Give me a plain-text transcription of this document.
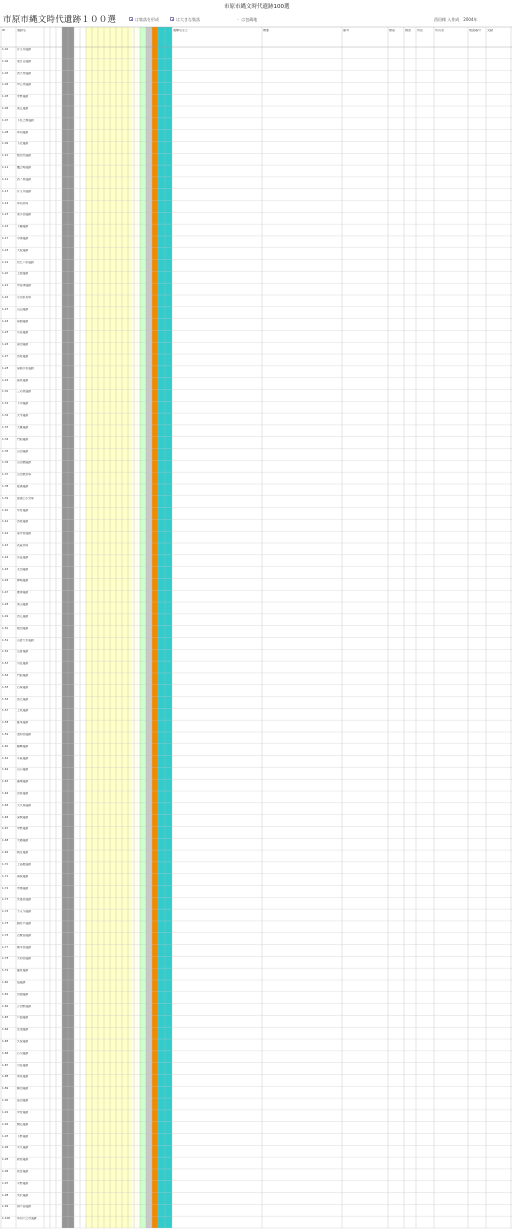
市原市縄文時代遺跡100選
市原市縄文時代遺跡１００選	は集落を形成	は大きな集落	・ は包蔵地	西田様 入作成　2004年
ID	遺跡名	遺構名など	概要	備考	標高	調査 所在	所有者	地図番号 文献
1-01	片又木遺跡
1-02	東日笠遺跡
1-03	西大作遺跡
1-04	中広作遺跡
1-05	外野遺跡
1-06	東江遺跡
1-07	下丸之郷遺跡
1-08	草刈遺跡
1-09	下北遺跡
1-10	根田代遺跡
1-11	鷹之崎遺跡
1-12	西ノ原遺跡
1-13	片又木遺跡
1-14	草刈貝塚
1-15	東小田遺跡
1-16	下鶴遺跡
1-17	今津遺跡
1-18	大坂遺跡
1-19	辰巳ヶ原遺跡
1-20	上総遺跡
1-21	中谷津遺跡
1-22	小田部貝塚
1-23	山辺遺跡
1-24	菊間遺跡
1-25	小谷遺跡
1-26	南田遺跡
1-27	西原遺跡
1-28	菊間手永遺跡
1-29	森原遺跡
1-30	三の原遺跡
1-31	下中遺跡
1-32	犬木遺跡
1-33	大厩遺跡
1-34	門前遺跡
1-35	山田遺跡
1-36	山田橋遺跡
1-37	山田橋貝塚
1-38	能満遺跡
1-39	能満上小貝塚
1-40	中台遺跡
1-41	西原遺跡
1-42	南中台遺跡
1-43	武蔵貝塚
1-44	奈良遺跡
1-45	太田遺跡
1-46	姉崎遺跡
1-47	椎津遺跡
1-48	東山遺跡
1-49	西広遺跡
1-50	根田遺跡
1-51	山倉大木遺跡
1-52	山倉遺跡
1-53	川在遺跡
1-54	門前遺跡
1-55	石塚遺跡
1-56	馬立遺跡
1-57	上原遺跡
1-58	郡本遺跡
1-59	池和田遺跡
1-60	鶴舞遺跡
1-61	平蔵遺跡
1-62	山口遺跡
1-63	番場遺跡
1-64	宮原遺跡
1-65	大久保遺跡
1-66	深城遺跡
1-67	中野遺跡
1-68	大桶遺跡
1-69	朝生遺跡
1-70	上高根遺跡
1-71	海保遺跡
1-72	市場遺跡
1-73	光風台遺跡
1-74	不入斗遺跡
1-75	潤井戸遺跡
1-76	古敷谷遺跡
1-77	柿木台遺跡
1-78	大和田遺跡
1-79	養老遺跡
1-80	宿遺跡
1-81	田淵遺跡
1-82	万田野遺跡
1-83	戸面遺跡
1-84	安須遺跡
1-85	久保遺跡
1-86	石川遺跡
1-87	川在遺跡
1-88	奉免遺跡
1-89	横田遺跡
1-90	高田遺跡
1-91	中台遺跡
1-92	駒込遺跡
1-93	下野遺跡
1-94	牛久遺跡
1-95	新巻遺跡
1-96	皆吉遺跡
1-97	平野遺跡
1-98	米沢遺跡
1-99	真ケ谷遺跡
1-100 草刈六之台遺跡
